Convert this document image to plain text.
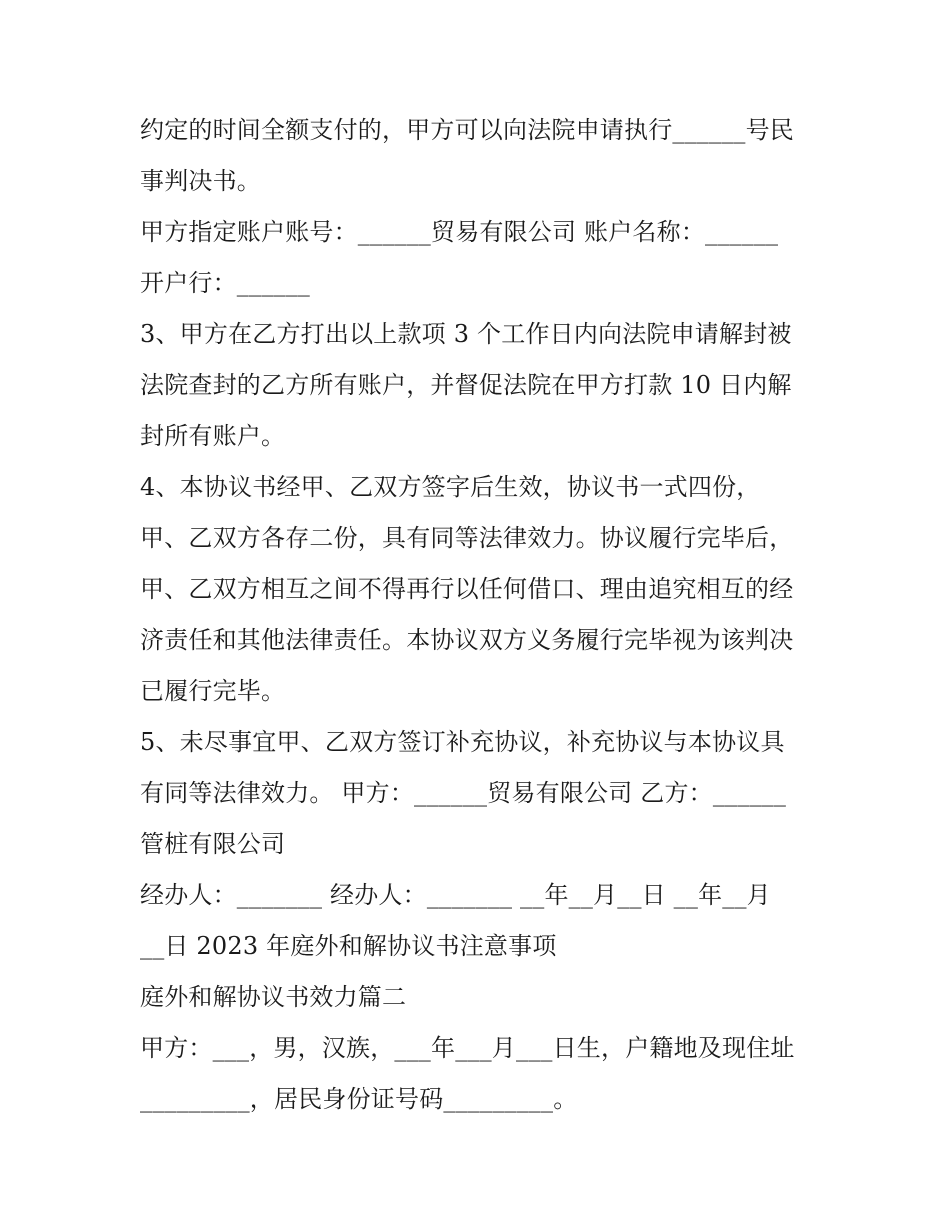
约定的时间全额支付的，甲方可以向法院申请执行______号民
事判决书。
甲方指定账户账号：______贸易有限公司 账户名称：______
开户行：______
3、甲方在乙方打出以上款项 3 个工作日内向法院申请解封被
法院查封的乙方所有账户，并督促法院在甲方打款 10 日内解
封所有账户。
4、本协议书经甲、乙双方签字后生效，协议书一式四份，
甲、乙双方各存二份，具有同等法律效力。协议履行完毕后，
甲、乙双方相互之间不得再行以任何借口、理由追究相互的经
济责任和其他法律责任。本协议双方义务履行完毕视为该判决
已履行完毕。
5、未尽事宜甲、乙双方签订补充协议，补充协议与本协议具
有同等法律效力。 甲方：______贸易有限公司 乙方：______
管桩有限公司
经办人：_______ 经办人：_______ __年__月__日 __年__月
__日 2023 年庭外和解协议书注意事项
庭外和解协议书效力篇二
甲方：___，男，汉族，___年___月___日生，户籍地及现住址
_________，居民身份证号码_________。
